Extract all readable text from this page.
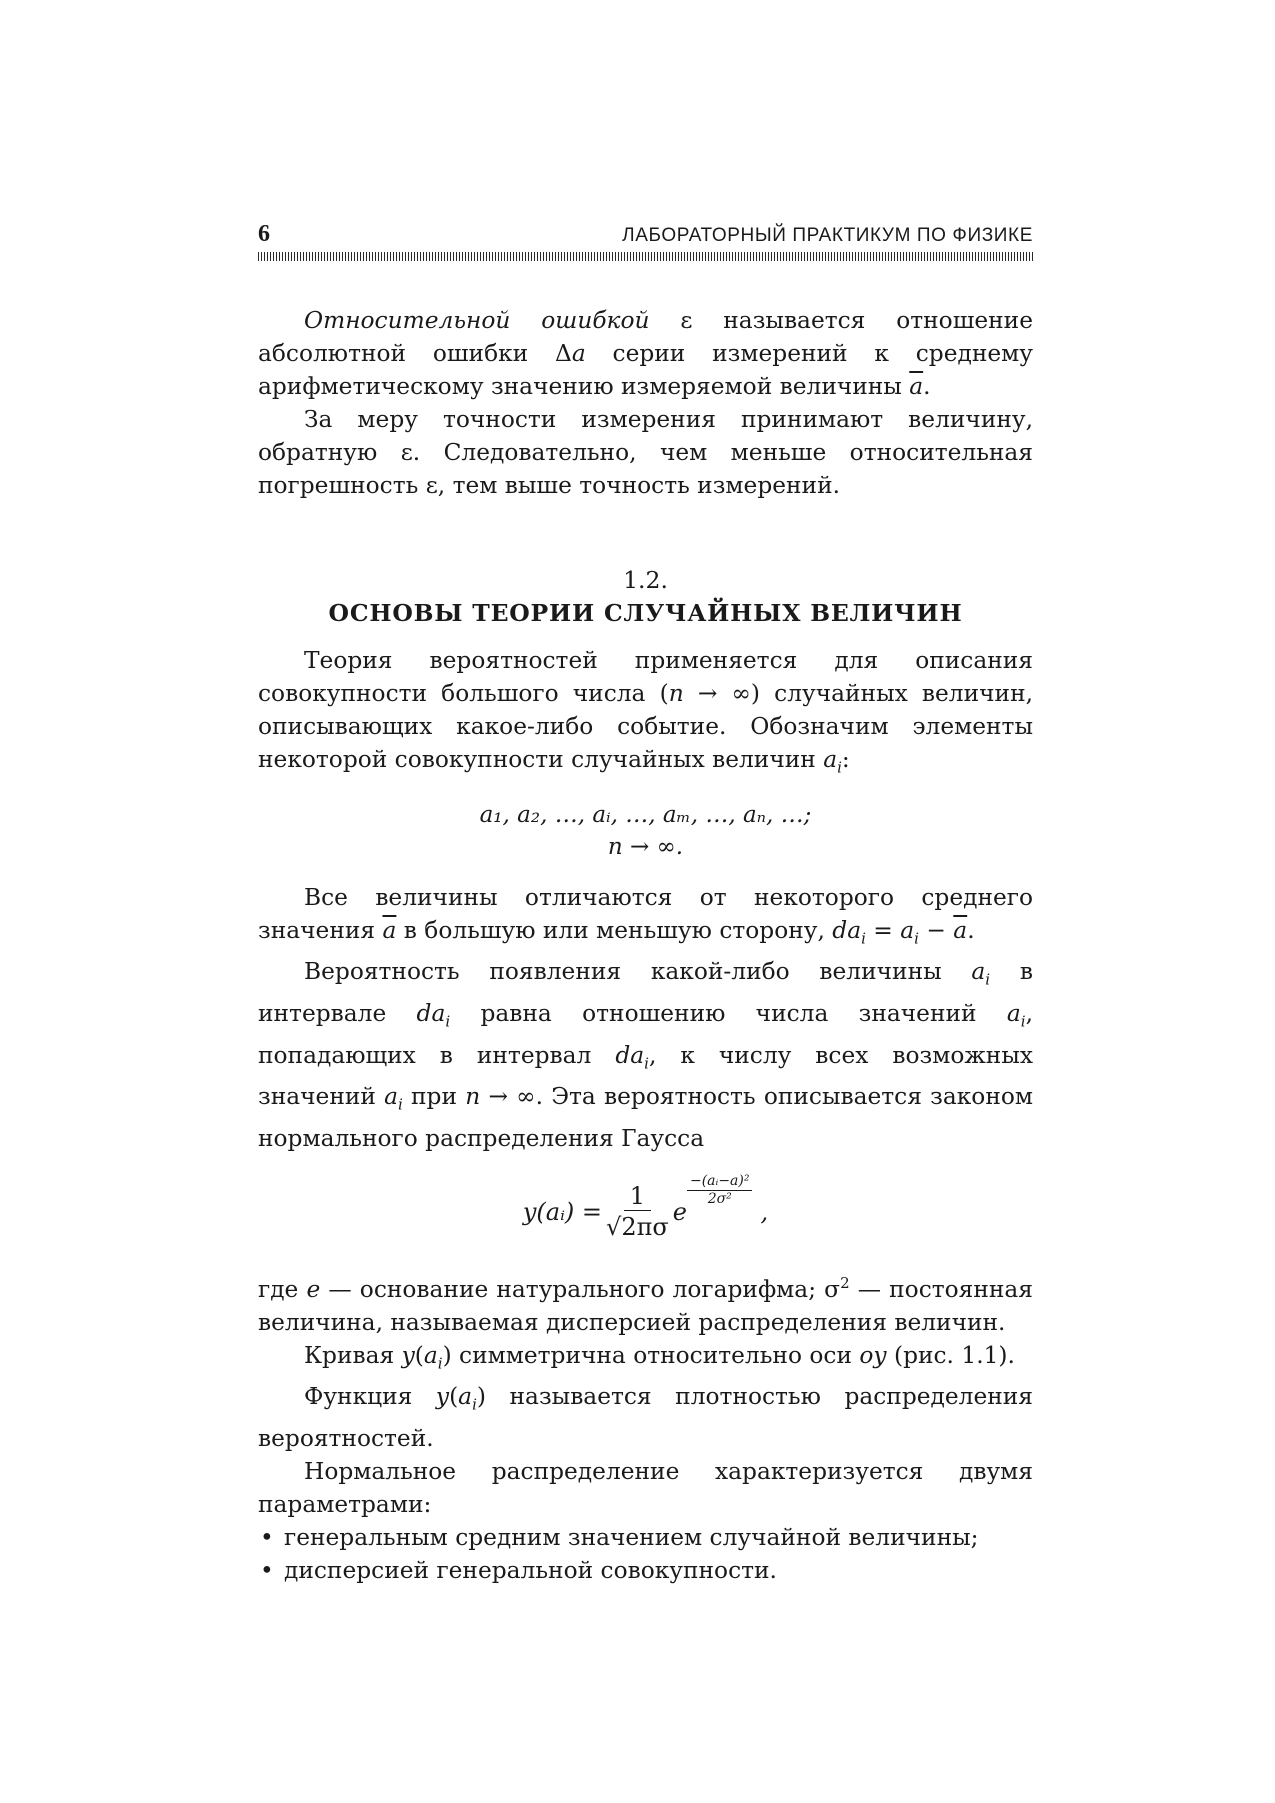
6	ЛАБОРАТОРНЫЙ ПРАКТИКУМ ПО ФИЗИКЕ

Относительной ошибкой ε называется отношение абсолютной ошибки Δa серии измерений к среднему арифметическому значению измеряемой величины $\overline{a}$.

За меру точности измерения принимают величину, обратную ε. Следовательно, чем меньше относительная погрешность ε, тем выше точность измерений.

1.2.
ОСНОВЫ ТЕОРИИ СЛУЧАЙНЫХ ВЕЛИЧИН

Теория вероятностей применяется для описания совокупности большого числа (n → ∞) случайных величин, описывающих какое-либо событие. Обозначим элементы некоторой совокупности случайных величин $a_i$:

a₁, a₂, …, aᵢ, …, aₘ, …, aₙ, …;
n → ∞.

Все величины отличаются от некоторого среднего значения $\overline{a}$ в большую или меньшую сторону, $da_i = a_i - \overline{a}$.

Вероятность появления какой-либо величины $a_i$ в интервале $da_i$ равна отношению числа значений $a_i$, попадающих в интервал $da_i$, к числу всех возможных значений $a_i$ при n → ∞. Эта вероятность описывается законом нормального распределения Гаусса

y(aᵢ) = $\frac{1}{√2\pi\sigma}$ e
$\frac{\text{−(aᵢ−a)²}}{\text{2σ²}}$
,

где e — основание натурального логарифма; $\sigma^2$ — постоянная величина, называемая дисперсией распределения величин.

Кривая $y(a_i)$ симметрична относительно оси oy (рис. 1.1).

Функция $y(a_i)$ называется плотностью распределения вероятностей.

Нормальное распределение характеризуется двумя параметрами:

• генеральным средним значением случайной величины;
• дисперсией генеральной совокупности.
